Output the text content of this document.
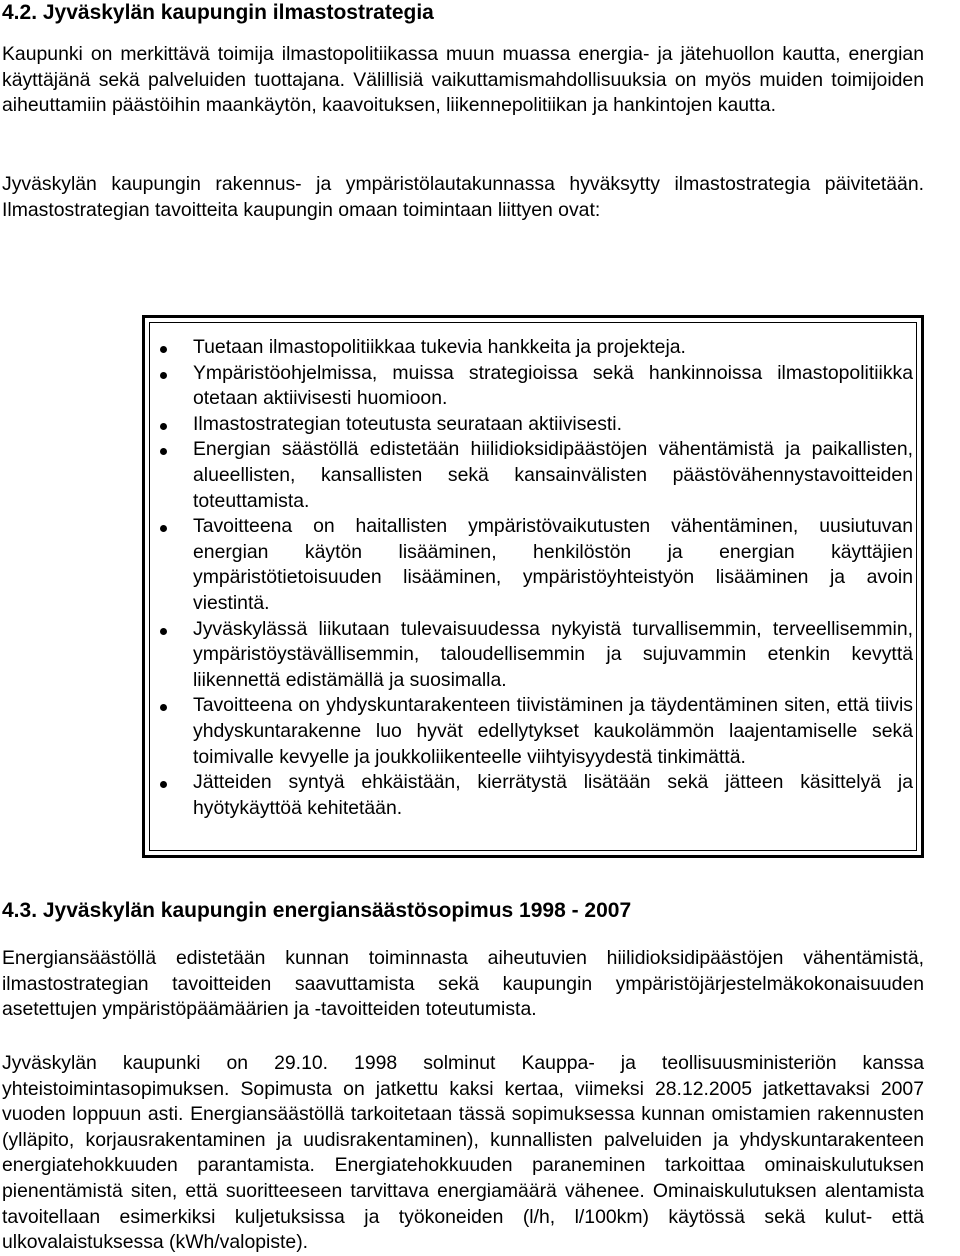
4.2. Jyväskylän kaupungin ilmastostrategia

Kaupunki on merkittävä toimija ilmastopolitiikassa muun muassa energia- ja jätehuollon kautta, energian käyttäjänä sekä palveluiden tuottajana. Välillisiä vaikuttamismahdollisuuksia on myös muiden toimijoiden aiheuttamiin päästöihin maankäytön, kaavoituksen, liikennepolitiikan ja hankintojen kautta.

Jyväskylän kaupungin rakennus- ja ympäristölautakunnassa hyväksytty ilmastostrategia päivitetään. Ilmastostrategian tavoitteita kaupungin omaan toimintaan liittyen ovat:

Tuetaan ilmastopolitiikkaa tukevia hankkeita ja projekteja.
Ympäristöohjelmissa, muissa strategioissa sekä hankinnoissa ilmastopolitiikka otetaan aktiivisesti huomioon.
Ilmastostrategian toteutusta seurataan aktiivisesti.
Energian säästöllä edistetään hiilidioksidipäästöjen vähentämistä ja paikallisten, alueellisten, kansallisten sekä kansainvälisten päästövähennystavoitteiden toteuttamista.
Tavoitteena on haitallisten ympäristövaikutusten vähentäminen, uusiutuvan energian käytön lisääminen, henkilöstön ja energian käyttäjien ympäristötietoisuuden lisääminen, ympäristöyhteistyön lisääminen ja avoin viestintä.
Jyväskylässä liikutaan tulevaisuudessa nykyistä turvallisemmin, terveellisemmin, ympäristöystävällisemmin, taloudellisemmin ja sujuvammin etenkin kevyttä liikennettä edistämällä ja suosimalla.
Tavoitteena on yhdyskuntarakenteen tiivistäminen ja täydentäminen siten, että tiivis yhdyskuntarakenne luo hyvät edellytykset kaukolämmön laajentamiselle sekä toimivalle kevyelle ja joukkoliikenteelle viihtyisyydestä tinkimättä.
Jätteiden syntyä ehkäistään, kierrätystä lisätään sekä jätteen käsittelyä ja hyötykäyttöä kehitetään.
4.3. Jyväskylän kaupungin energiansäästösopimus 1998 - 2007

Energiansäästöllä edistetään kunnan toiminnasta aiheutuvien hiilidioksidipäästöjen vähentämistä, ilmastostrategian tavoitteiden saavuttamista sekä kaupungin ympäristöjärjestelmäkokonaisuuden asetettujen ympäristöpäämäärien ja -tavoitteiden toteutumista.

Jyväskylän kaupunki on 29.10. 1998 solminut Kauppa- ja teollisuusministeriön kanssa yhteistoimintasopimuksen. Sopimusta on jatkettu kaksi kertaa, viimeksi 28.12.2005 jatkettavaksi 2007 vuoden loppuun asti. Energiansäästöllä tarkoitetaan tässä sopimuksessa kunnan omistamien rakennusten (ylläpito, korjausrakentaminen ja uudisrakentaminen), kunnallisten palveluiden ja yhdyskuntarakenteen energiatehokkuuden parantamista. Energiatehokkuuden paraneminen tarkoittaa ominaiskulutuksen pienentämistä siten, että suoritteeseen tarvittava energiamäärä vähenee. Ominaiskulutuksen alentamista tavoitellaan esimerkiksi kuljetuksissa ja työkoneiden (l/h, l/100km) käytössä sekä kulut- että ulkovalaistuksessa (kWh/valopiste).
